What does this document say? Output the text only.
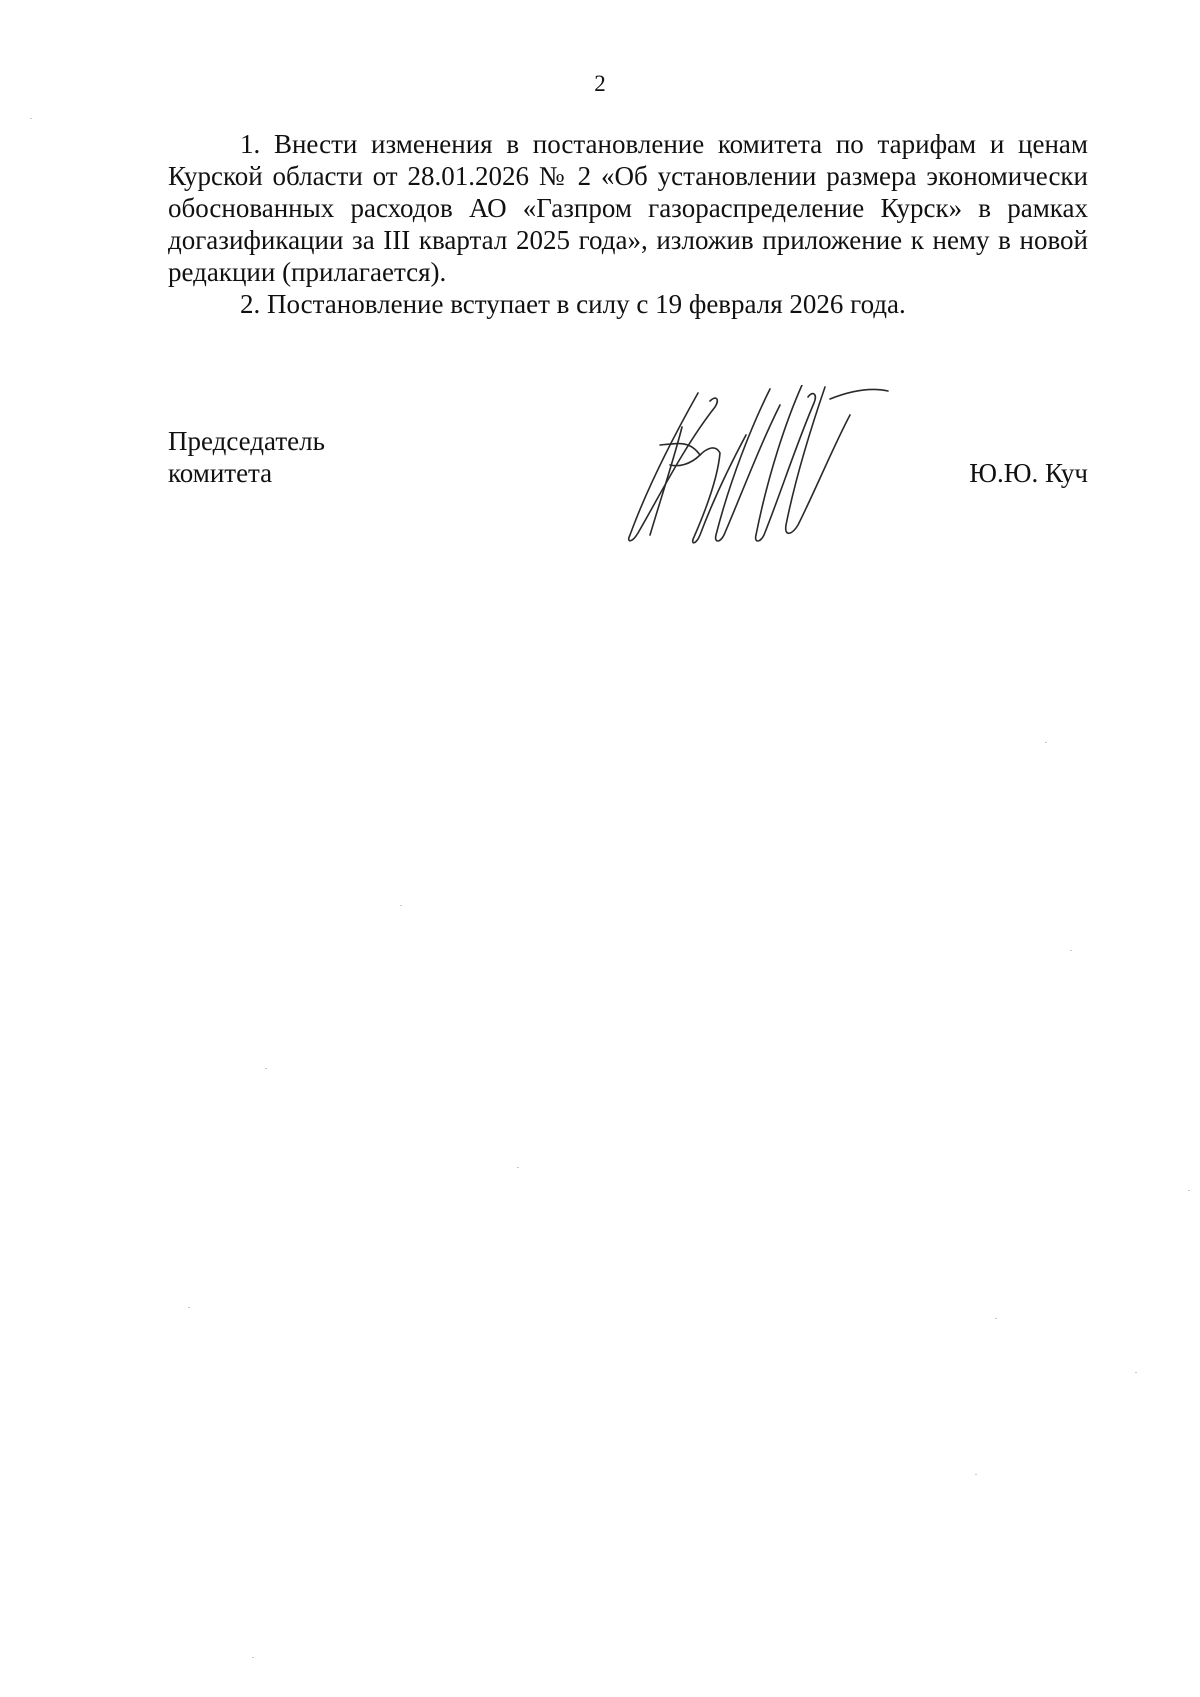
2

1. Внести изменения в постановление комитета по тарифам и ценам Курской области от 28.01.2026 № 2 «Об установлении размера экономически обоснованных расходов АО «Газпром газораспределение Курск» в рамках догазификации за III квартал 2025 года», изложив приложение к нему в новой редакции (прилагается).

2. Постановление вступает в силу с 19 февраля 2026 года.

Председатель
комитета	Ю.Ю. Куч
